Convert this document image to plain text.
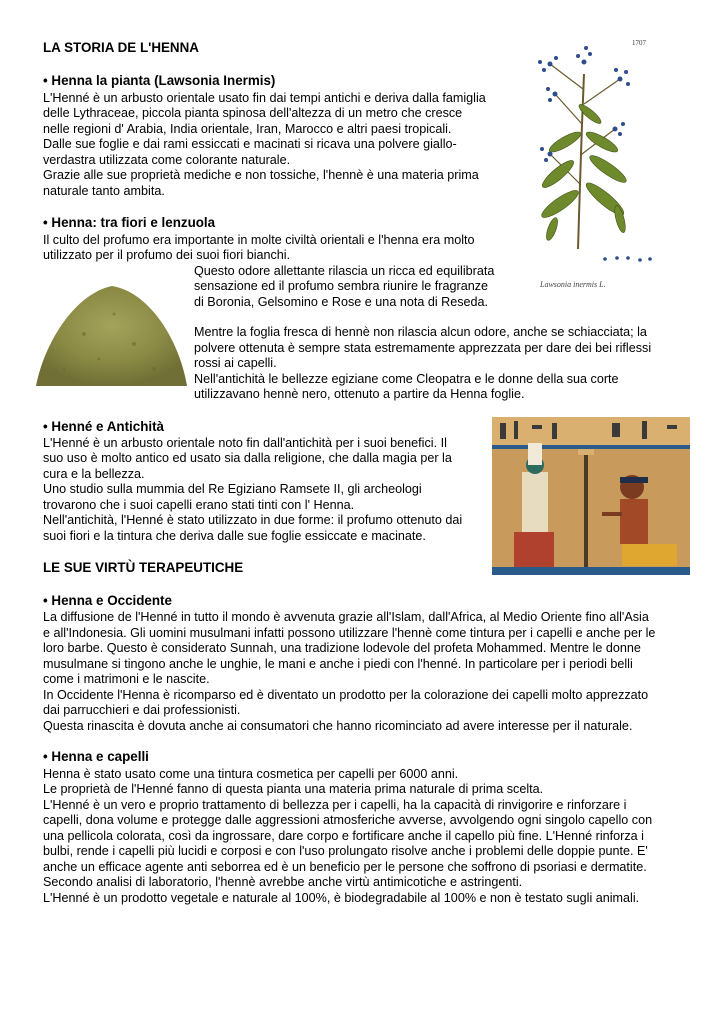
LA STORIA DE L'HENNA
• Henna la pianta (Lawsonia Inermis)
L'Henné è un arbusto orientale usato fin dai tempi antichi e deriva dalla famiglia
delle Lythraceae, piccola pianta spinosa dell'altezza di un metro che cresce
nelle regioni d' Arabia, India orientale, Iran, Marocco e altri paesi tropicali.
Dalle sue foglie e dai rami essiccati e macinati si ricava una polvere giallo-
verdastra utilizzata come colorante naturale.
Grazie alle sue proprietà mediche e non tossiche, l'hennè è una materia prima
naturale tanto ambita.
• Henna: tra fiori e lenzuola
Il culto del profumo era importante in molte civiltà orientali e l'henna era molto
utilizzato per il profumo dei suoi fiori bianchi.
Questo odore allettante rilascia un ricca ed equilibrata
sensazione ed il profumo sembra riunire le fragranze
di Boronia, Gelsomino e Rose e una nota di Reseda.
Mentre la foglia fresca di hennè non rilascia alcun odore, anche se schiacciata; la
polvere ottenuta è sempre stata estremamente apprezzata per dare dei bei riflessi
rossi ai capelli.
Nell'antichità le bellezze egiziane come Cleopatra e le donne della sua corte
utilizzavano hennè nero, ottenuto a partire da Henna foglie.
• Henné e Antichità
L'Henné è un arbusto orientale noto fin dall'antichità per i suoi benefici. Il
suo uso è molto antico ed usato sia dalla religione, che dalla magia per la
cura e la bellezza.
Uno studio sulla mummia del Re Egiziano Ramsete II, gli archeologi
trovarono che i suoi capelli erano stati tinti con l' Henna.
Nell'antichità, l'Henné è stato utilizzato in due forme: il profumo ottenuto dai
suoi fiori e la tintura che deriva dalle sue foglie essiccate e macinate.
LE SUE VIRTÙ TERAPEUTICHE
• Henna e Occidente
La diffusione de l'Henné in tutto il mondo è avvenuta grazie all'Islam, dall'Africa, al Medio Oriente fino all'Asia
e all'Indonesia. Gli uomini musulmani infatti possono utilizzare l'hennè come tintura per i capelli e anche per le
loro barbe. Questo è considerato Sunnah, una tradizione lodevole del profeta Mohammed. Mentre le donne
musulmane si tingono anche le unghie, le mani e anche i piedi con l'henné. In particolare per i periodi belli
come i matrimoni e le nascite.
In Occidente l'Henna è ricomparso ed è diventato un prodotto per la colorazione dei capelli molto apprezzato
dai parrucchieri e dai professionisti.
Questa rinascita è dovuta anche ai consumatori che hanno ricominciato ad avere interesse per il naturale.
• Henna e capelli
Henna è stato usato come una tintura cosmetica per capelli per 6000 anni.
Le proprietà de l'Henné fanno di questa pianta una materia prima naturale di prima scelta.
L'Henné è un vero e proprio trattamento di bellezza per i capelli, ha la capacità di rinvigorire e rinforzare i
capelli, dona volume e protegge dalle aggressioni atmosferiche avverse, avvolgendo ogni singolo capello con
una pellicola colorata, così da ingrossare, dare corpo e fortificare anche il capello più fine. L'Henné rinforza i
bulbi, rende i capelli più lucidi e corposi e con l'uso prolungato risolve anche i problemi delle doppie punte. E'
anche un efficace agente anti seborrea ed è un beneficio per le persone che soffrono di psoriasi e dermatite.
Secondo analisi di laboratorio, l'hennè avrebbe anche virtù antimicotiche e astringenti.
L'Henné è un prodotto vegetale e naturale al 100%, è biodegradabile al 100% e non è testato sugli animali.
1707
Lawsonia inermis L.
